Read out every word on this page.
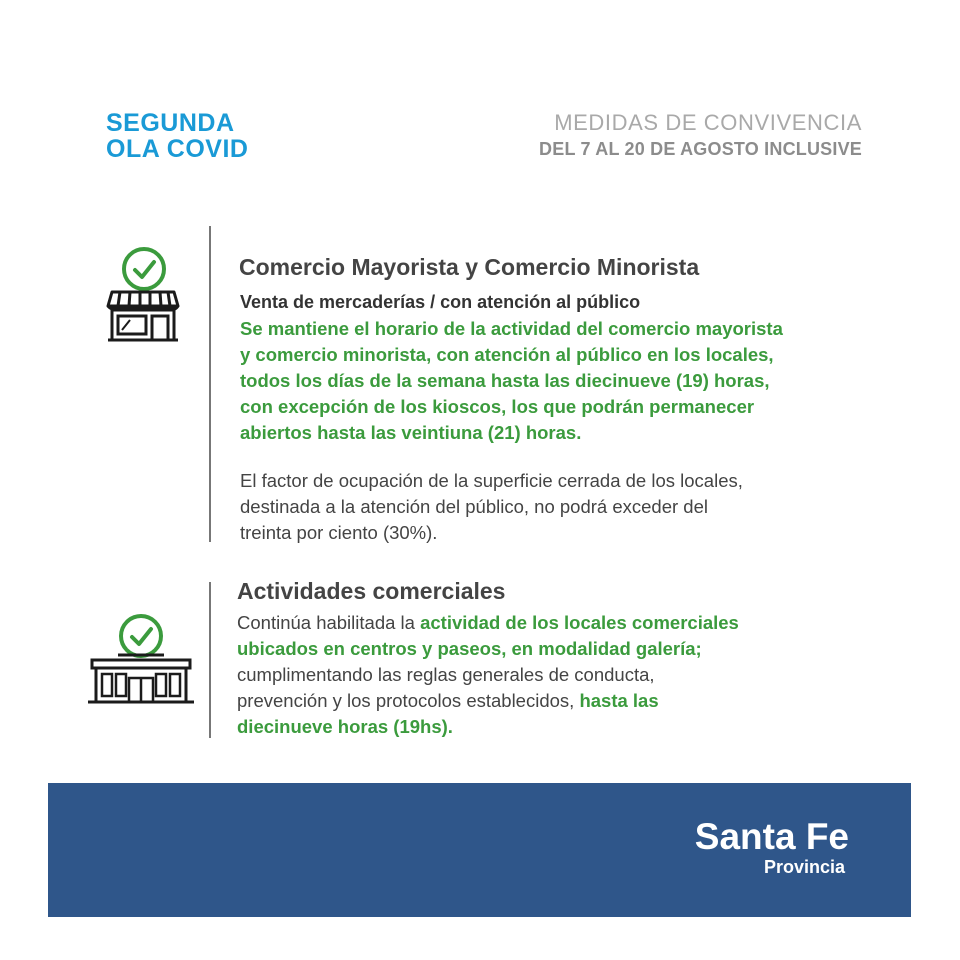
SEGUNDA
OLA COVID
MEDIDAS DE CONVIVENCIA
DEL 7 AL 20 DE AGOSTO INCLUSIVE
Comercio Mayorista y Comercio Minorista
Venta de mercaderías / con atención al público
Se mantiene el horario de la actividad del comercio mayorista
y comercio minorista, con atención al público en los locales,
todos los días de la semana hasta las diecinueve (19) horas,
con excepción de los kioscos, los que podrán permanecer
abiertos hasta las veintiuna (21) horas.
El factor de ocupación de la superficie cerrada de los locales,
destinada a la atención del público, no podrá exceder del
treinta por ciento (30%).
Actividades comerciales
Continúa habilitada la actividad de los locales comerciales
ubicados en centros y paseos, en modalidad galería;
cumplimentando las reglas generales de conducta,
prevención y los protocolos establecidos, hasta las
diecinueve horas (19hs).
Santa Fe
Provincia
